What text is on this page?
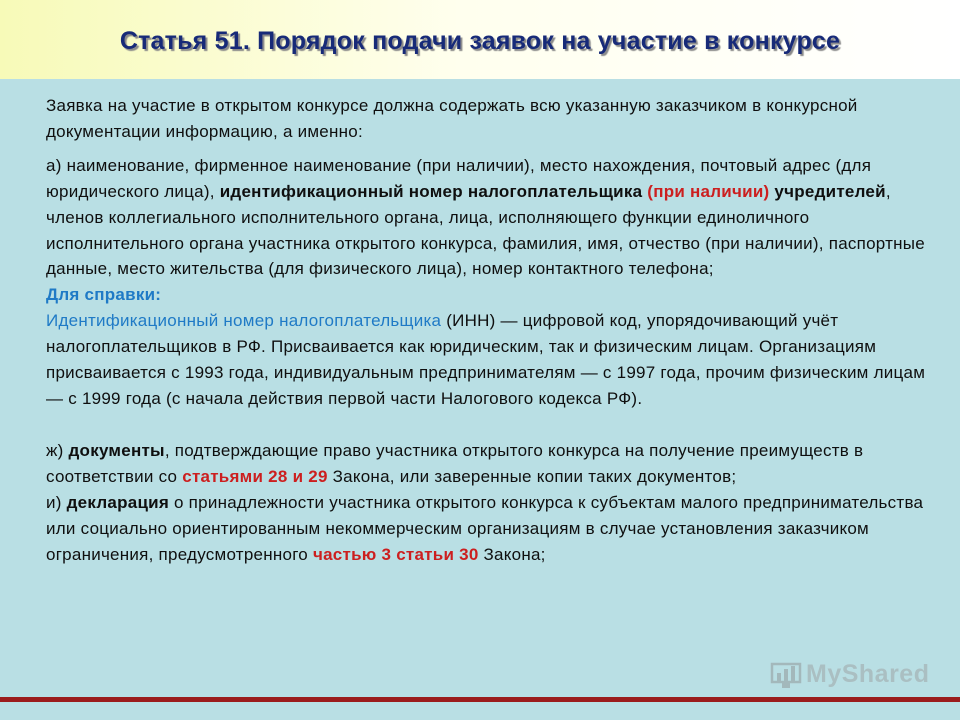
Статья 51. Порядок подачи заявок на участие в конкурсе

Заявка на участие в открытом конкурсе должна содержать всю указанную заказчиком в конкурсной документации информацию, а именно:

а) наименование, фирменное наименование (при наличии), место нахождения, почтовый адрес (для юридического лица), идентификационный номер налогоплательщика (при наличии) учредителей, членов коллегиального исполнительного органа, лица, исполняющего функции единоличного исполнительного органа участника открытого конкурса, фамилия, имя, отчество (при наличии), паспортные данные, место жительства (для физического лица), номер контактного телефона;

Для справки:

Идентификационный номер налогоплательщика (ИНН) — цифровой код, упорядочивающий учёт налогоплательщиков в РФ. Присваивается как юридическим, так и физическим лицам. Организациям присваивается с 1993 года, индивидуальным предпринимателям — с 1997 года, прочим физическим лицам — с 1999 года (с начала действия первой части Налогового кодекса РФ).

ж) документы, подтверждающие право участника открытого конкурса на получение преимуществ в соответствии со статьями 28 и 29 Закона, или заверенные копии таких документов;

и) декларация о принадлежности участника открытого конкурса к субъектам малого предпринимательства или социально ориентированным некоммерческим организациям в случае установления заказчиком ограничения, предусмотренного частью 3 статьи 30 Закона;

MyShared
